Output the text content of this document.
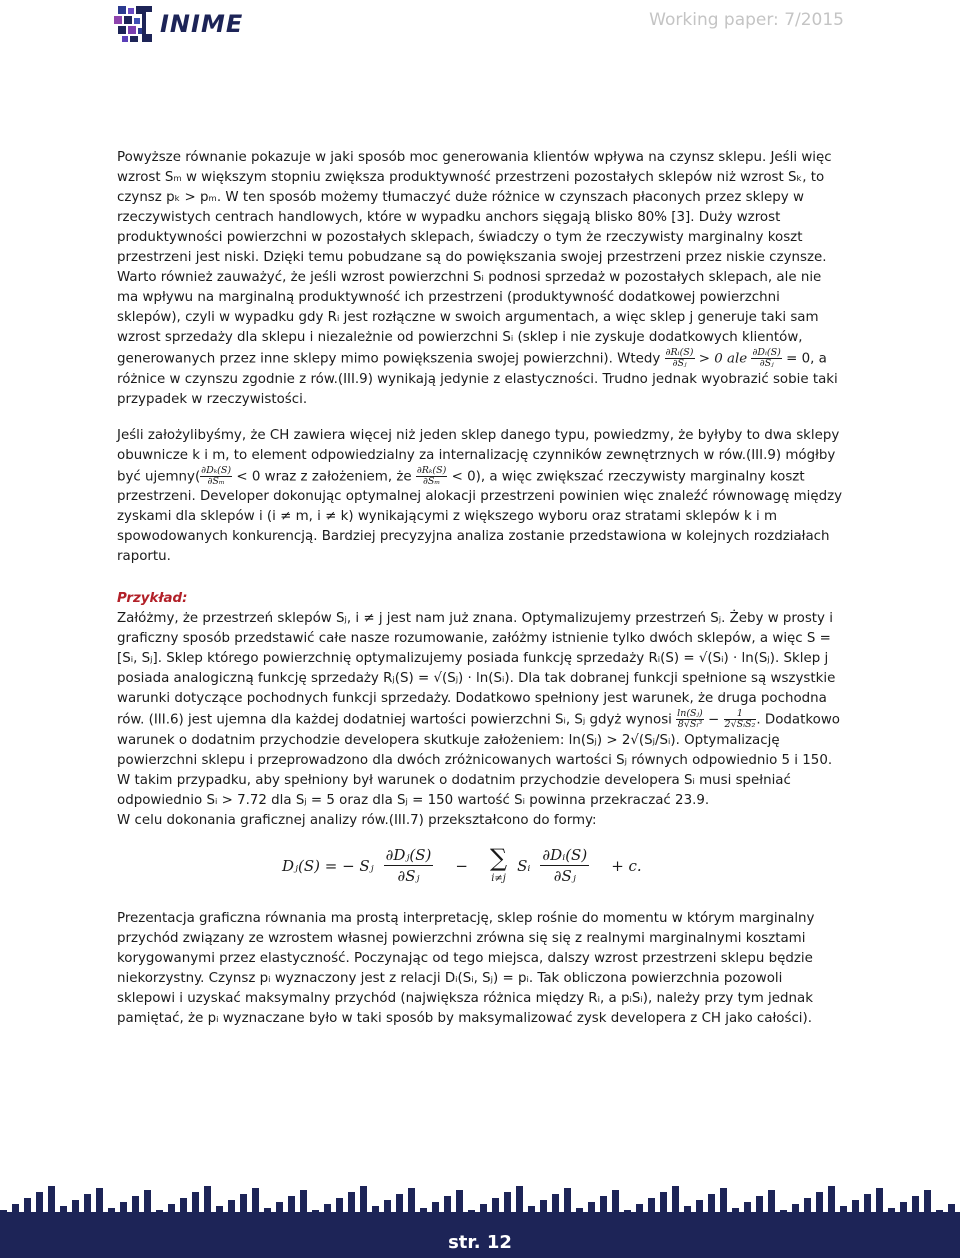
INIME	Working paper: 7/2015

Powyższe równanie pokazuje w jaki sposób moc generowania klientów wpływa na czynsz sklepu. Jeśli więc wzrost Sₘ w większym stopniu zwiększa produktywność przestrzeni pozostałych sklepów niż wzrost Sₖ, to czynsz pₖ > pₘ. W ten sposób możemy tłumaczyć duże różnice w czynszach płaconych przez sklepy w rzeczywistych centrach handlowych, które w wypadku anchors sięgają blisko 80% [3]. Duży wzrost produktywności powierzchni w pozostałych sklepach, świadczy o tym że rzeczywisty marginalny koszt przestrzeni jest niski. Dzięki temu pobudzane są do powiększania swojej przestrzeni przez niskie czynsze.

Warto również zauważyć, że jeśli wzrost powierzchni Sᵢ podnosi sprzedaż w pozostałych sklepach, ale nie ma wpływu na marginalną produktywność ich przestrzeni (produktywność dodatkowej powierzchni sklepów), czyli w wypadku gdy Rᵢ jest rozłączne w swoich argumentach, a więc sklep j generuje taki sam wzrost sprzedaży dla sklepu i niezależnie od powierzchni Sᵢ (sklep i nie zyskuje dodatkowych klientów, generowanych przez inne sklepy mimo powiększenia swojej powierzchni). Wtedy $\frac{\text{∂Rᵢ(S)}}{\text{∂Sⱼ}} > 0$ ale $\frac{\text{∂Dᵢ(S)}}{\text{∂Sⱼ}} = 0$, a różnice w czynszu zgodnie z rów.(III.9) wynikają jedynie z elastyczności. Trudno jednak wyobrazić sobie taki przypadek w rzeczywistości.

Jeśli założylibyśmy, że CH zawiera więcej niż jeden sklep danego typu, powiedzmy, że byłyby to dwa sklepy obuwnicze k i m, to element odpowiedzialny za internalizację czynników zewnętrznych w rów.(III.9) mógłby być ujemny( $\frac{\text{∂Dₖ(S)}}{\text{∂Sₘ}} < 0$ wraz z założeniem, że $\frac{\text{∂Rₖ(S)}}{\text{∂Sₘ}} < 0$), a więc zwiększać rzeczywisty marginalny koszt przestrzeni. Developer dokonując optymalnej alokacji przestrzeni powinien więc znaleźć równowagę między zyskami dla sklepów i (i ≠ m, i ≠ k) wynikającymi z większego wyboru oraz stratami sklepów k i m spowodowanych konkurencją. Bardziej precyzyjna analiza zostanie przedstawiona w kolejnych rozdziałach raportu.

Przykład:

Załóżmy, że przestrzeń sklepów Sⱼ, i ≠ j jest nam już znana. Optymalizujemy przestrzeń Sⱼ. Żeby w prosty i graficzny sposób przedstawić całe nasze rozumowanie, załóżmy istnienie tylko dwóch sklepów, a więc S = [Sᵢ, Sⱼ]. Sklep którego powierzchnię optymalizujemy posiada funkcję sprzedaży Rᵢ(S) = √(Sᵢ) · ln(Sⱼ). Sklep j posiada analogiczną funkcję sprzedaży Rⱼ(S) = √(Sⱼ) · ln(Sᵢ). Dla tak dobranej funkcji spełnione są wszystkie warunki dotyczące pochodnych funkcji sprzedaży. Dodatkowo spełniony jest warunek, że druga pochodna rów. (III.6) jest ujemna dla każdej dodatniej wartości powierzchni Sᵢ, Sⱼ gdyż wynosi $\frac{\text{ln(Sⱼ)}}{\text{8√Sᵢ³}} - \frac{1}{\text{2√SᵢS₂}}$ . Dodatkowo warunek o dodatnim przychodzie developera skutkuje założeniem: ln(Sⱼ) > 2√(Sⱼ/Sᵢ). Optymalizację powierzchni sklepu i przeprowadzono dla dwóch zróżnicowanych wartości Sⱼ równych odpowiednio 5 i 150. W takim przypadku, aby spełniony był warunek o dodatnim przychodzie developera Sᵢ musi spełniać odpowiednio Sᵢ > 7.72 dla Sⱼ = 5 oraz dla Sⱼ = 150 wartość Sᵢ powinna przekraczać 23.9.

W celu dokonania graficznej analizy rów.(III.7) przekształcono do formy:

Dⱼ(S) = − Sⱼ $\frac{\text{∂Dⱼ(S)}}{\text{∂Sⱼ}}$ − ∑
i≠j
Sᵢ $\frac{\text{∂Dᵢ(S)}}{\text{∂Sⱼ}} + c$.

Prezentacja graficzna równania ma prostą interpretację, sklep rośnie do momentu w którym marginalny przychód związany ze wzrostem własnej powierzchni zrówna się się z realnymi marginalnymi kosztami korygowanymi przez elastyczność. Poczynając od tego miejsca, dalszy wzrost przestrzeni sklepu będzie niekorzystny. Czynsz pᵢ wyznaczony jest z relacji Dᵢ(Sᵢ, Sⱼ) = pᵢ. Tak obliczona powierzchnia pozowoli sklepowi i uzyskać maksymalny przychód (największa różnica między Rᵢ, a pᵢSᵢ), należy przy tym jednak pamiętać, że pᵢ wyznaczane było w taki sposób by maksymalizować zysk developera z CH jako całości).

str. 12
